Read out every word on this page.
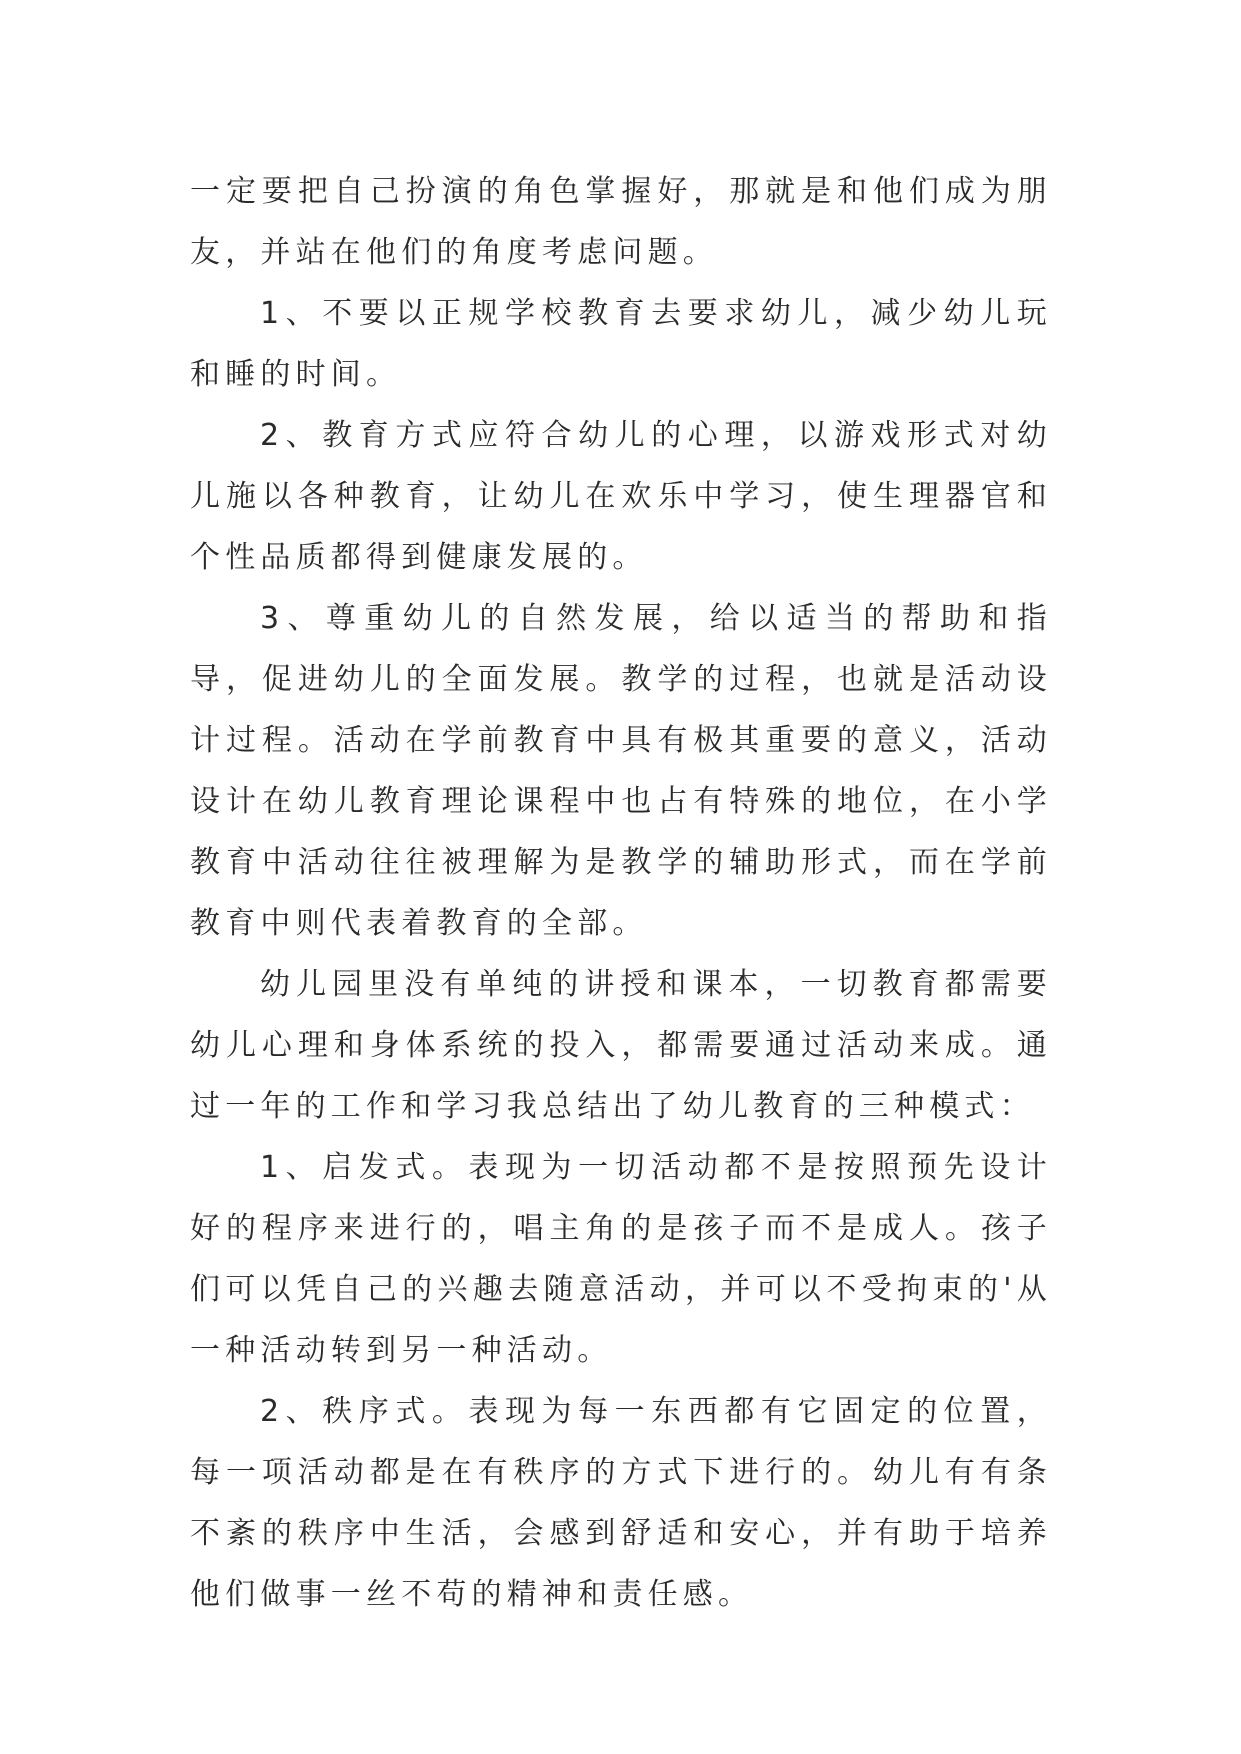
一定要把自己扮演的角色掌握好，那就是和他们成为朋友，并站在他们的角度考虑问题。

1、不要以正规学校教育去要求幼儿，减少幼儿玩和睡的时间。

2、教育方式应符合幼儿的心理，以游戏形式对幼儿施以各种教育，让幼儿在欢乐中学习，使生理器官和个性品质都得到健康发展的。

3、尊重幼儿的自然发展，给以适当的帮助和指导，促进幼儿的全面发展。教学的过程，也就是活动设计过程。活动在学前教育中具有极其重要的意义，活动设计在幼儿教育理论课程中也占有特殊的地位，在小学教育中活动往往被理解为是教学的辅助形式，而在学前教育中则代表着教育的全部。

幼儿园里没有单纯的讲授和课本，一切教育都需要幼儿心理和身体系统的投入，都需要通过活动来成。通过一年的工作和学习我总结出了幼儿教育的三种模式：

1、启发式。表现为一切活动都不是按照预先设计好的程序来进行的，唱主角的是孩子而不是成人。孩子们可以凭自己的兴趣去随意活动，并可以不受拘束的'从一种活动转到另一种活动。

2、秩序式。表现为每一东西都有它固定的位置，每一项活动都是在有秩序的方式下进行的。幼儿有有条不紊的秩序中生活，会感到舒适和安心，并有助于培养他们做事一丝不苟的精神和责任感。
